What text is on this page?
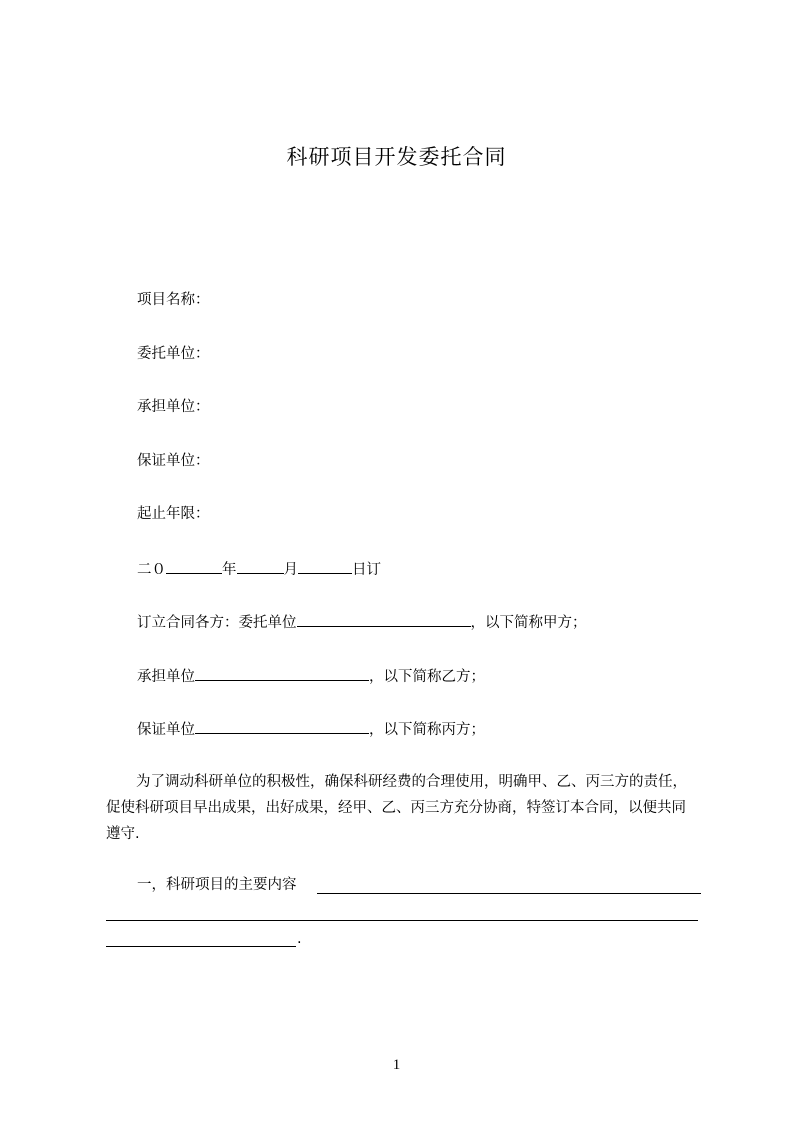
科研项目开发委托合同
项目名称：
委托单位：
承担单位：
保证单位：
起止年限：
二０	年	月	日订
订立合同各方：委托单位	，以下简称甲方；
承担单位	，以下简称乙方；
保证单位	，以下简称丙方；
为了调动科研单位的积极性，确保科研经费的合理使用，明确甲、乙、丙三方的责任，促使科研项目早出成果，出好成果，经甲、乙、丙三方充分协商，特签订本合同，以便共同遵守.
一，科研项目的主要内容
.
1
